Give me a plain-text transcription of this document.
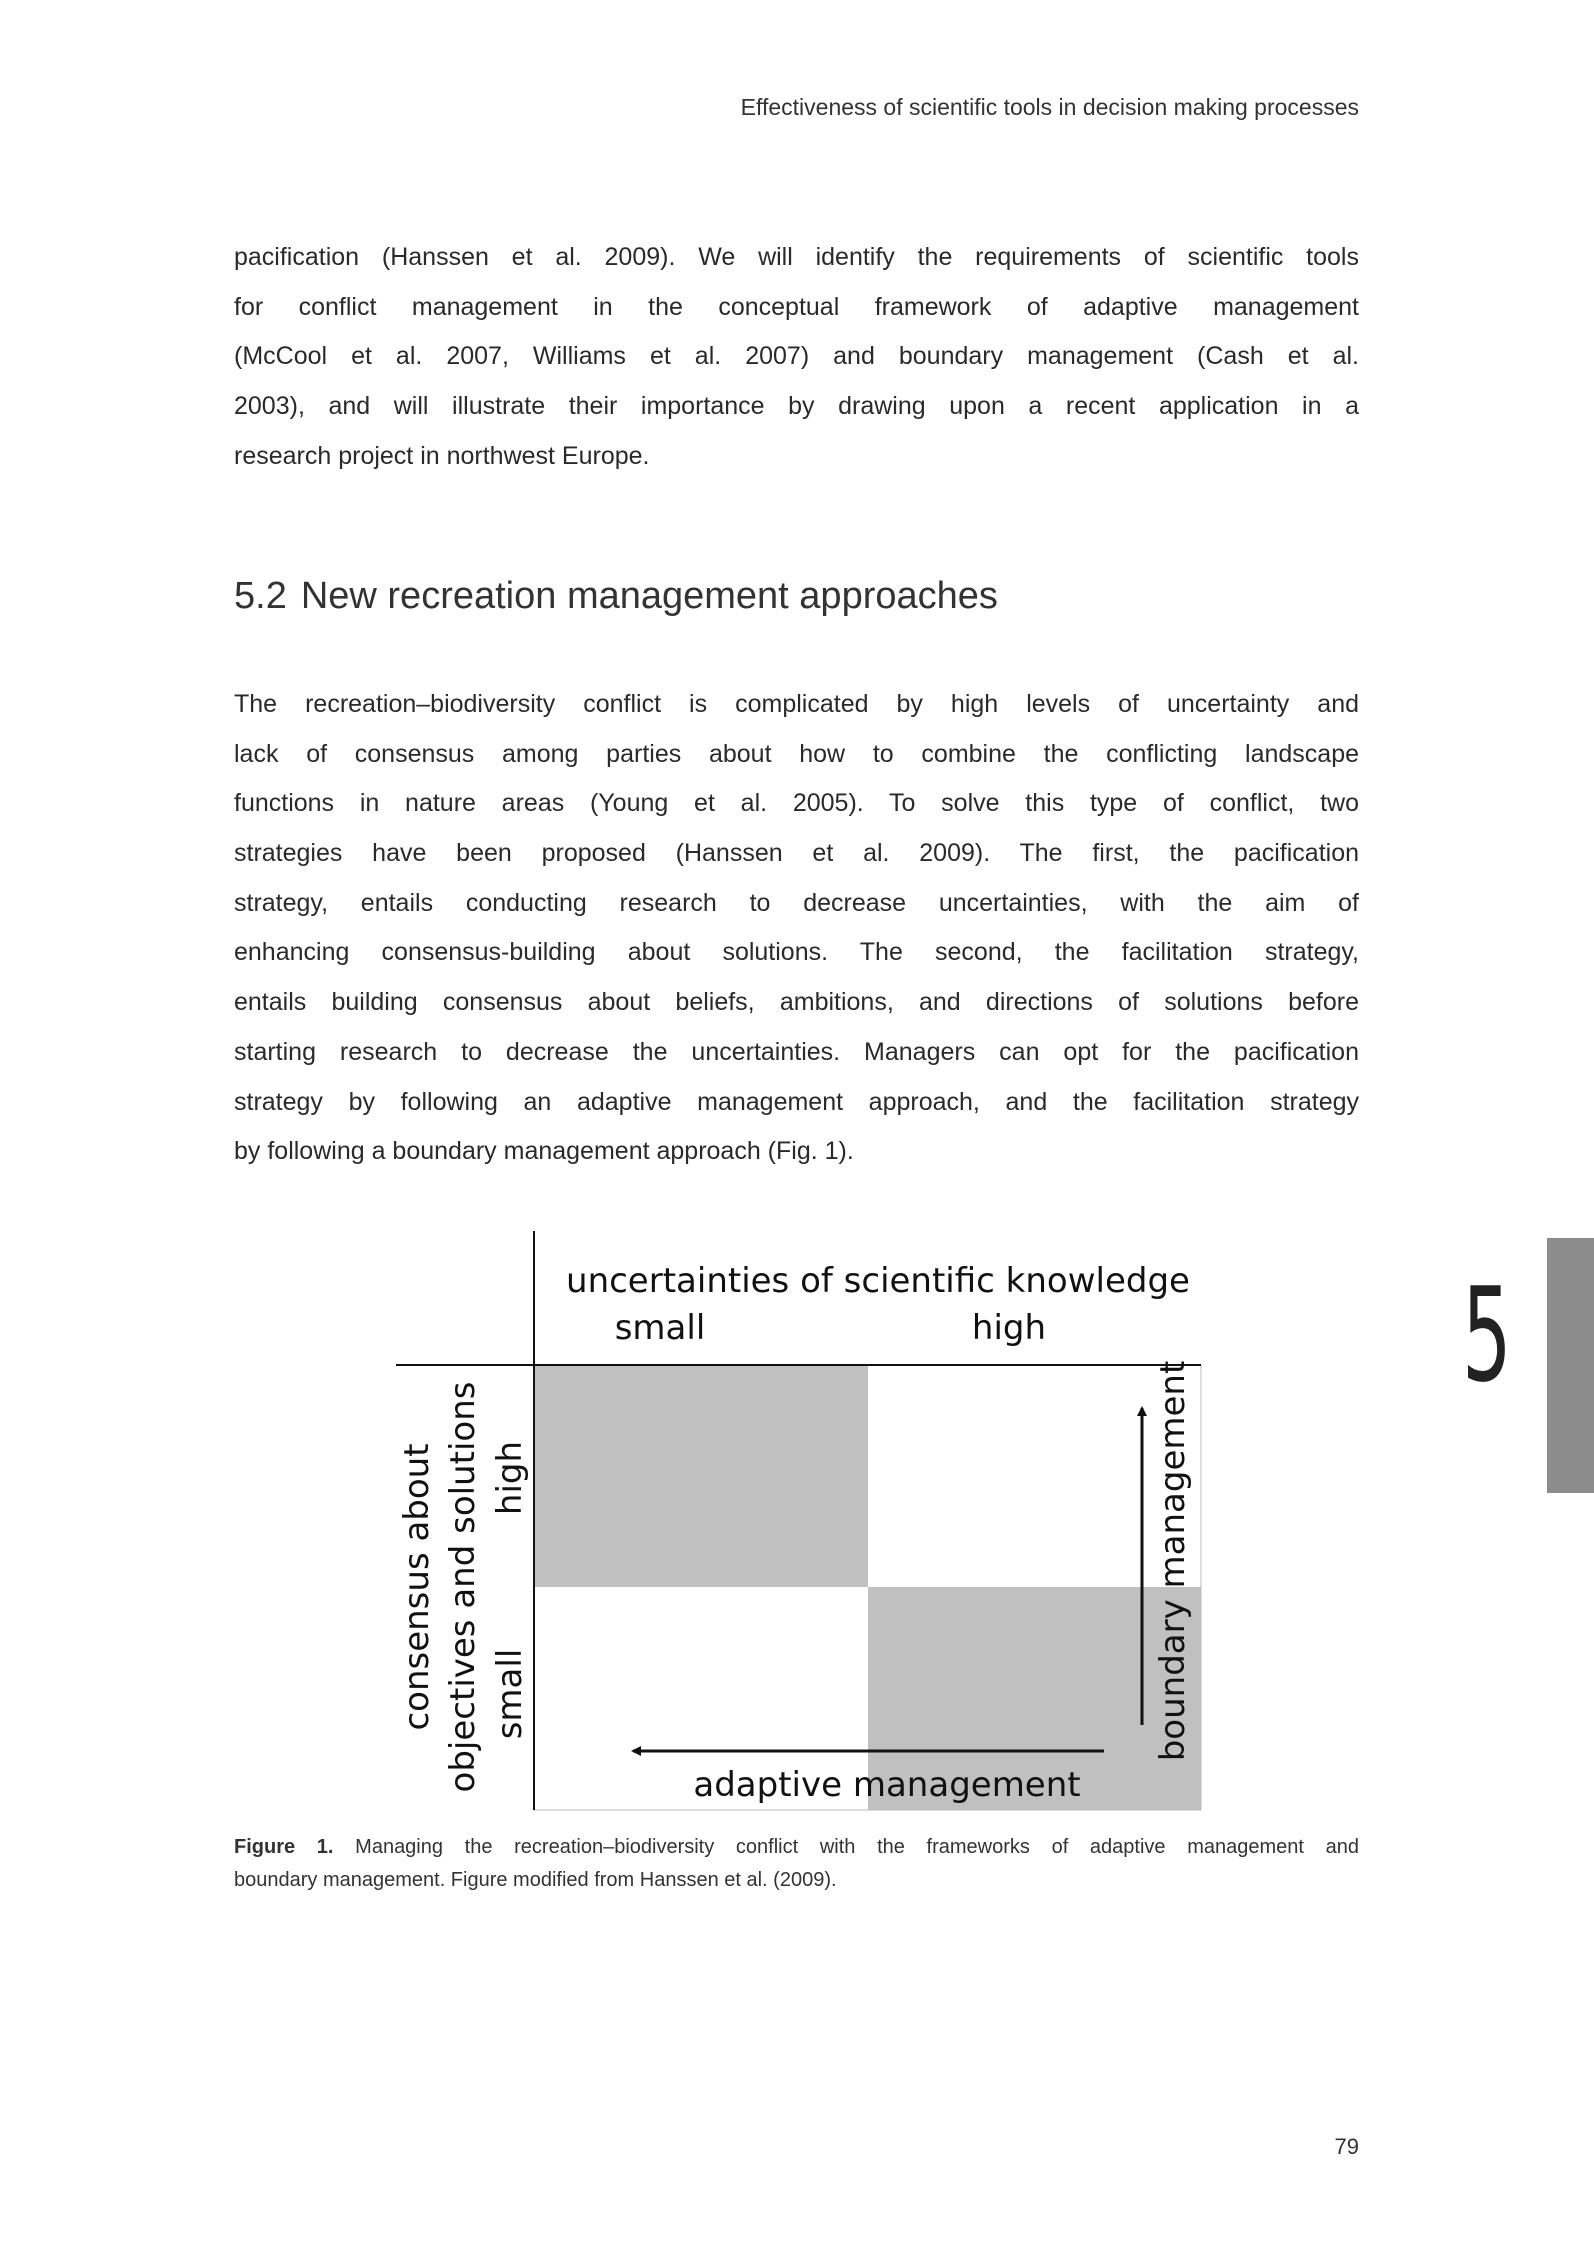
Effectiveness of scientific tools in decision making processes
pacification (Hanssen et al. 2009). We will identify the requirements of scientific tools
for conflict management in the conceptual framework of adaptive management
(McCool et al. 2007, Williams et al. 2007) and boundary management (Cash et al.
2003), and will illustrate their importance by drawing upon a recent application in a
research project in northwest Europe.
5.2 New recreation management approaches
The recreation–biodiversity conflict is complicated by high levels of uncertainty and
lack of consensus among parties about how to combine the conflicting landscape
functions in nature areas (Young et al. 2005). To solve this type of conflict, two
strategies have been proposed (Hanssen et al. 2009). The first, the pacification
strategy, entails conducting research to decrease uncertainties, with the aim of
enhancing consensus-building about solutions. The second, the facilitation strategy,
entails building consensus about beliefs, ambitions, and directions of solutions before
starting research to decrease the uncertainties. Managers can opt for the pacification
strategy by following an adaptive management approach, and the facilitation strategy
by following a boundary management approach (Fig. 1).
uncertainties of scientific knowledge
small	high
consensus about objectives and solutions high
small	boundary management
adaptive management
Figure 1. Managing the recreation–biodiversity conflict with the frameworks of adaptive management and
boundary management. Figure modified from Hanssen et al. (2009).
5
79
